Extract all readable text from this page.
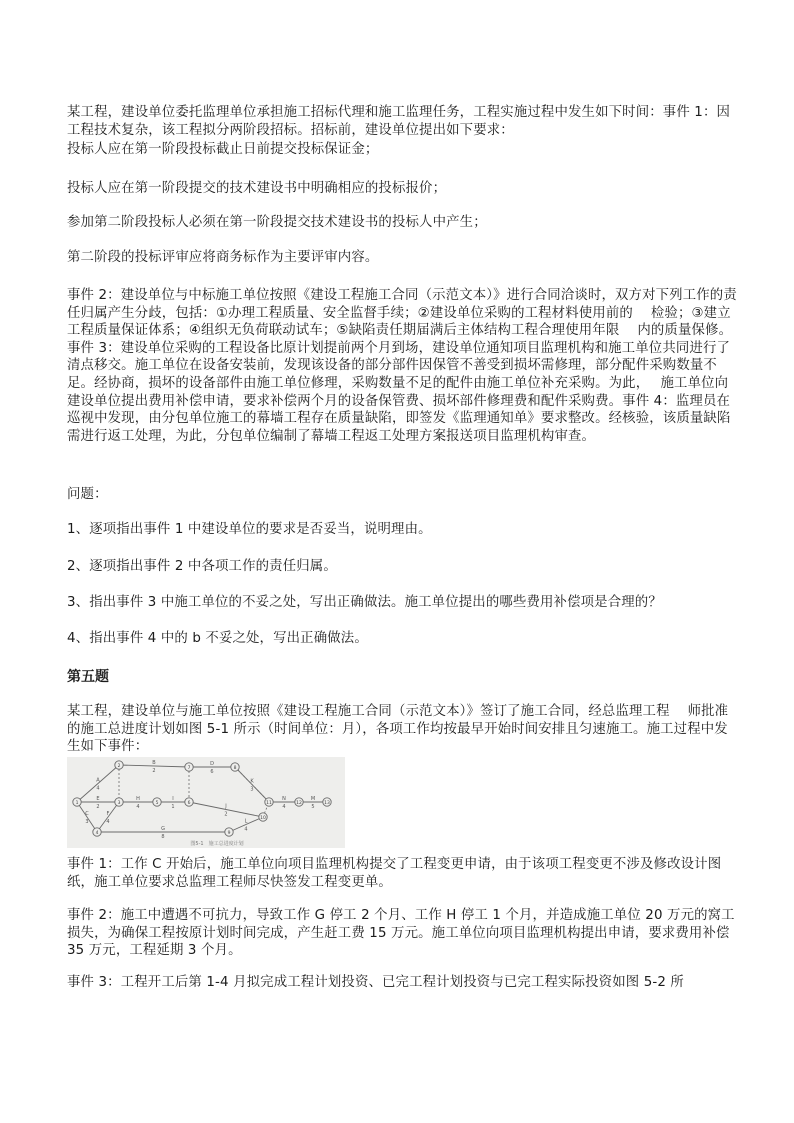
某工程，建设单位委托监理单位承担施工招标代理和施工监理任务，工程实施过程中发生如下时间：事件 1：因工程技术复杂，该工程拟分两阶段招标。招标前，建设单位提出如下要求：

投标人应在第一阶段投标截止日前提交投标保证金；

投标人应在第一阶段提交的技术建设书中明确相应的投标报价；

参加第二阶段投标人必须在第一阶段提交技术建设书的投标人中产生；

第二阶段的投标评审应将商务标作为主要评审内容。

事件 2：建设单位与中标施工单位按照《建设工程施工合同（示范文本）》进行合同洽谈时，双方对下列工作的责任归属产生分歧，包括：①办理工程质量、安全监督手续；②建设单位采购的工程材料使用前的　 检验；③建立工程质量保证体系；④组织无负荷联动试车；⑤缺陷责任期届满后主体结构工程合理使用年限　 内的质量保修。事件 3：建设单位采购的工程设备比原计划提前两个月到场，建设单位通知项目监理机构和施工单位共同进行了清点移交。施工单位在设备安装前，发现该设备的部分部件因保管不善受到损坏需修理，部分配件采购数量不足。经协商，损坏的设备部件由施工单位修理，采购数量不足的配件由施工单位补充采购。为此，　 施工单位向建设单位提出费用补偿申请，要求补偿两个月的设备保管费、损坏部件修理费和配件采购费。事件 4：监理员在巡视中发现，由分包单位施工的幕墙工程存在质量缺陷，即签发《监理通知单》要求整改。经核验，该质量缺陷需进行返工处理，为此，分包单位编制了幕墙工程返工处理方案报送项目监理机构审查。

问题：

1、逐项指出事件 1 中建设单位的要求是否妥当，说明理由。

2、逐项指出事件 2 中各项工作的责任归属。

3、指出事件 3 中施工单位的不妥之处，写出正确做法。施工单位提出的哪些费用补偿项是合理的？

4、指出事件 4 中的 b 不妥之处，写出正确做法。

第五题

某工程，建设单位与施工单位按照《建设工程施工合同（示范文本）》签订了施工合同，经总监理工程　 师批准的施工总进度计划如图 5-1 所示（时间单位：月），各项工作均按最早开始时间安排且匀速施工。施工过程中发生如下事件：

A
4
B
2
D
6
K
3
E
2
H
4
I
1
F
4
C
3
J
2
G
8
L
4
N
4
M
5
1
2
3
4
5	6
7	8
9
10
11	12	13
图5-1　施工总进度计划

事件 1：工作 C 开始后，施工单位向项目监理机构提交了工程变更申请，由于该项工程变更不涉及修改设计图纸，施工单位要求总监理工程师尽快签发工程变更单。

事件 2：施工中遭遇不可抗力，导致工作 G 停工 2 个月、工作 H 停工 1 个月，并造成施工单位 20 万元的窝工损失，为确保工程按原计划时间完成，产生赶工费 15 万元。施工单位向项目监理机构提出申请，要求费用补偿 35 万元，工程延期 3 个月。

事件 3：工程开工后第 1-4 月拟完成工程计划投资、已完工程计划投资与已完工程实际投资如图 5-2 所
